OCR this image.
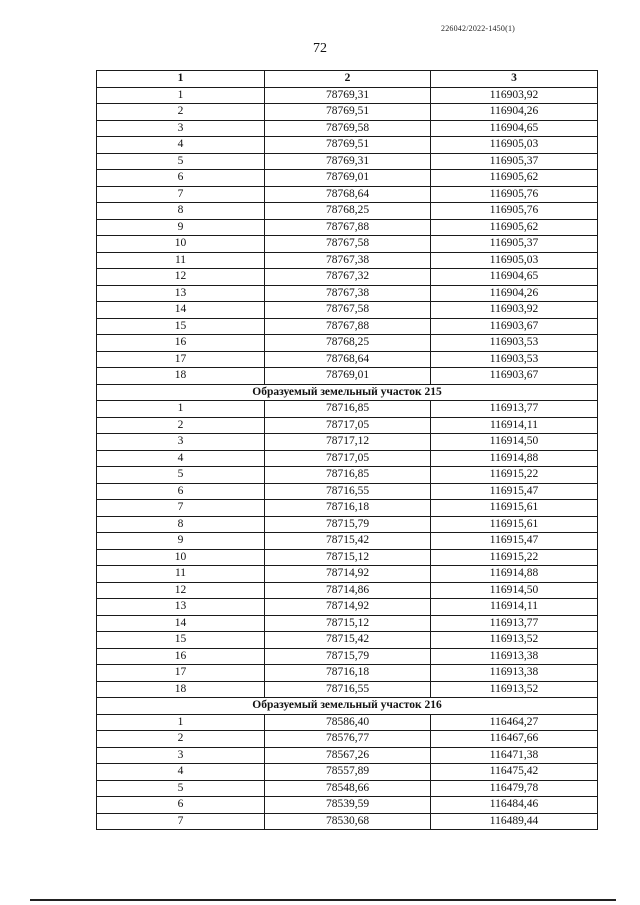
226042/2022-1450(1)
72
1	2	3
1	78769,31	116903,92
2	78769,51	116904,26
3	78769,58	116904,65
4	78769,51	116905,03
5	78769,31	116905,37
6	78769,01	116905,62
7	78768,64	116905,76
8	78768,25	116905,76
9	78767,88	116905,62
10	78767,58	116905,37
11	78767,38	116905,03
12	78767,32	116904,65
13	78767,38	116904,26
14	78767,58	116903,92
15	78767,88	116903,67
16	78768,25	116903,53
17	78768,64	116903,53
18	78769,01	116903,67
Образуемый земельный участок 215		
1	78716,85	116913,77
2	78717,05	116914,11
3	78717,12	116914,50
4	78717,05	116914,88
5	78716,85	116915,22
6	78716,55	116915,47
7	78716,18	116915,61
8	78715,79	116915,61
9	78715,42	116915,47
10	78715,12	116915,22
11	78714,92	116914,88
12	78714,86	116914,50
13	78714,92	116914,11
14	78715,12	116913,77
15	78715,42	116913,52
16	78715,79	116913,38
17	78716,18	116913,38
18	78716,55	116913,52
Образуемый земельный участок 216		
1	78586,40	116464,27
2	78576,77	116467,66
3	78567,26	116471,38
4	78557,89	116475,42
5	78548,66	116479,78
6	78539,59	116484,46
7	78530,68	116489,44
